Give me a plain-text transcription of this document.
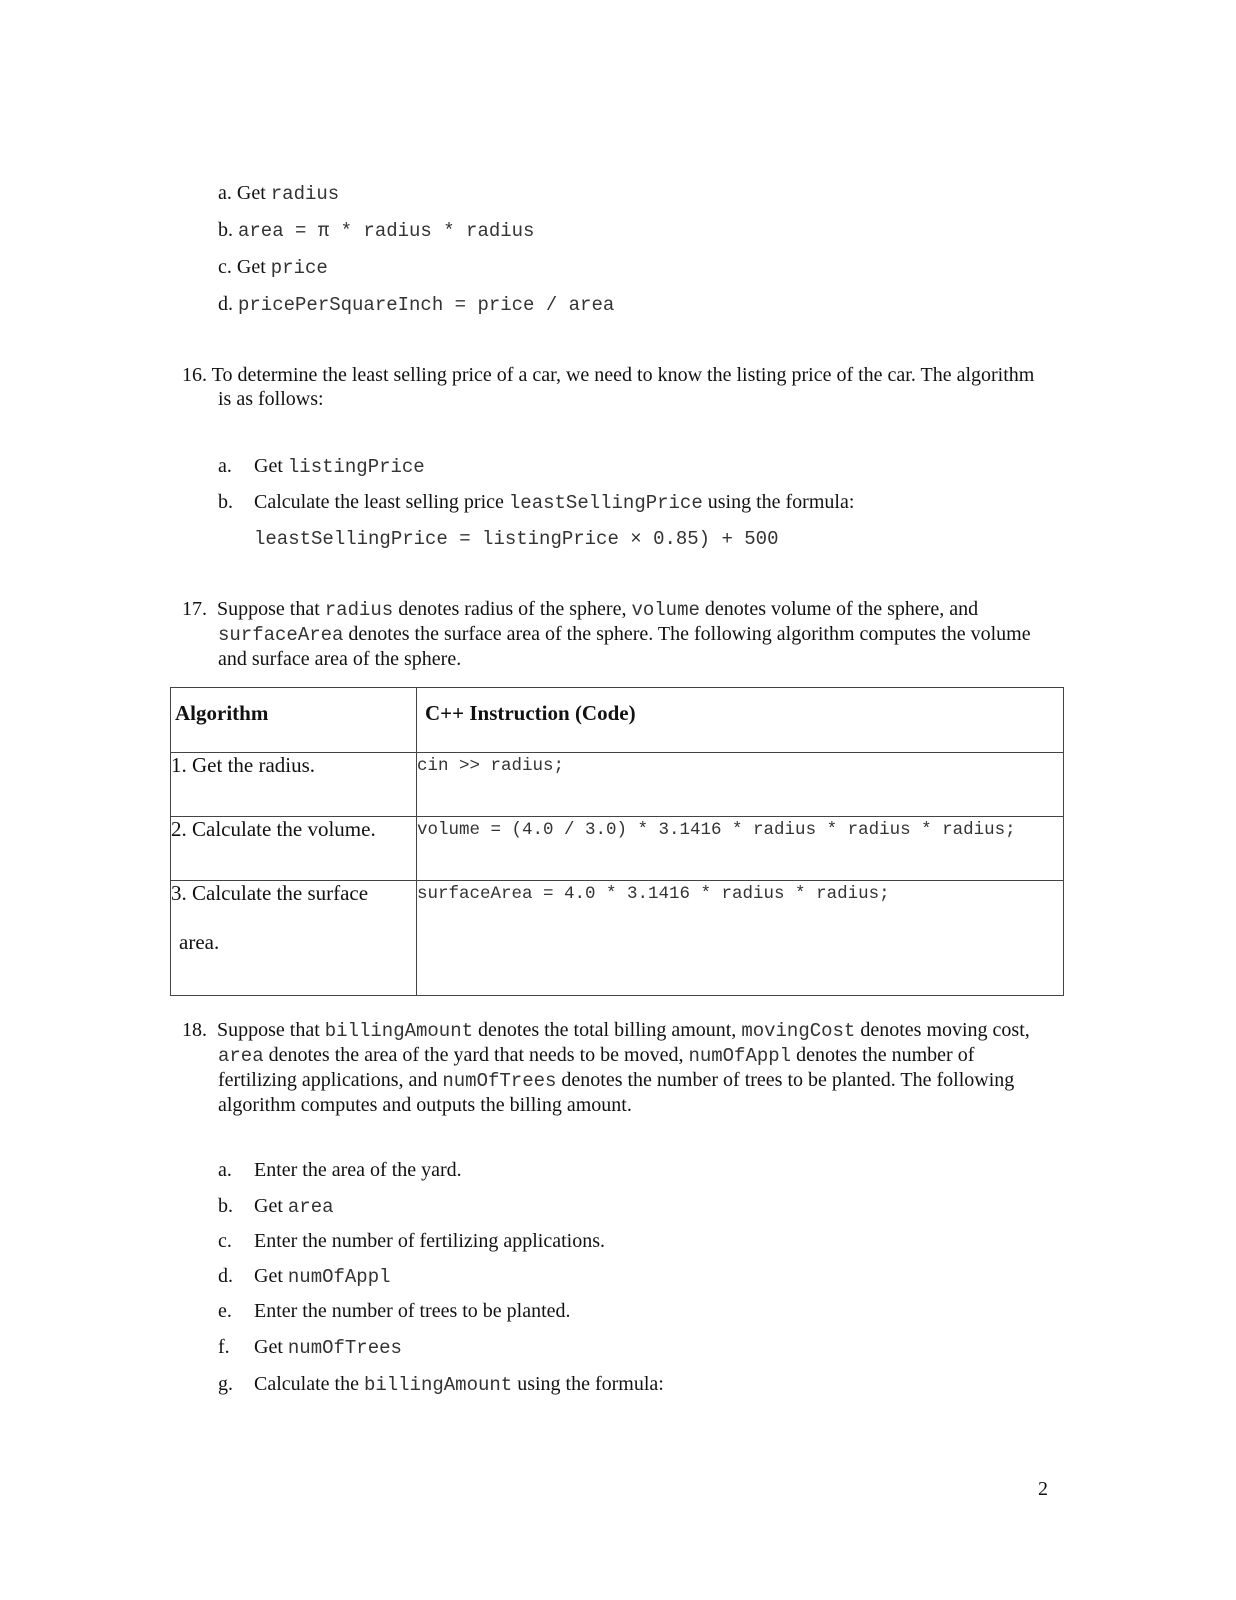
a. Get radius
b. area = π * radius * radius
c. Get price
d. pricePerSquareInch = price / area
16. To determine the least selling price of a car, we need to know the listing price of the car. The algorithm
is as follows:
a. Get listingPrice
b. Calculate the least selling price leastSellingPrice using the formula:
leastSellingPrice = listingPrice × 0.85) + 500
17. Suppose that radius denotes radius of the sphere, volume denotes volume of the sphere, and
surfaceArea denotes the surface area of the sphere. The following algorithm computes the volume
and surface area of the sphere.
Algorithm	C++ Instruction (Code)

1. Get the radius.	cin >> radius;
2. Calculate the volume.	volume = (4.0 / 3.0) * 3.1416 * radius * radius * radius;
3. Calculate the surface
area.	surfaceArea = 4.0 * 3.1416 * radius * radius;
18. Suppose that billingAmount denotes the total billing amount, movingCost denotes moving cost,
area denotes the area of the yard that needs to be moved, numOfAppl denotes the number of
fertilizing applications, and numOfTrees denotes the number of trees to be planted. The following
algorithm computes and outputs the billing amount.
a. Enter the area of the yard.
b. Get area
c. Enter the number of fertilizing applications.
d. Get numOfAppl
e. Enter the number of trees to be planted.
f. Get numOfTrees
g. Calculate the billingAmount using the formula:
2
